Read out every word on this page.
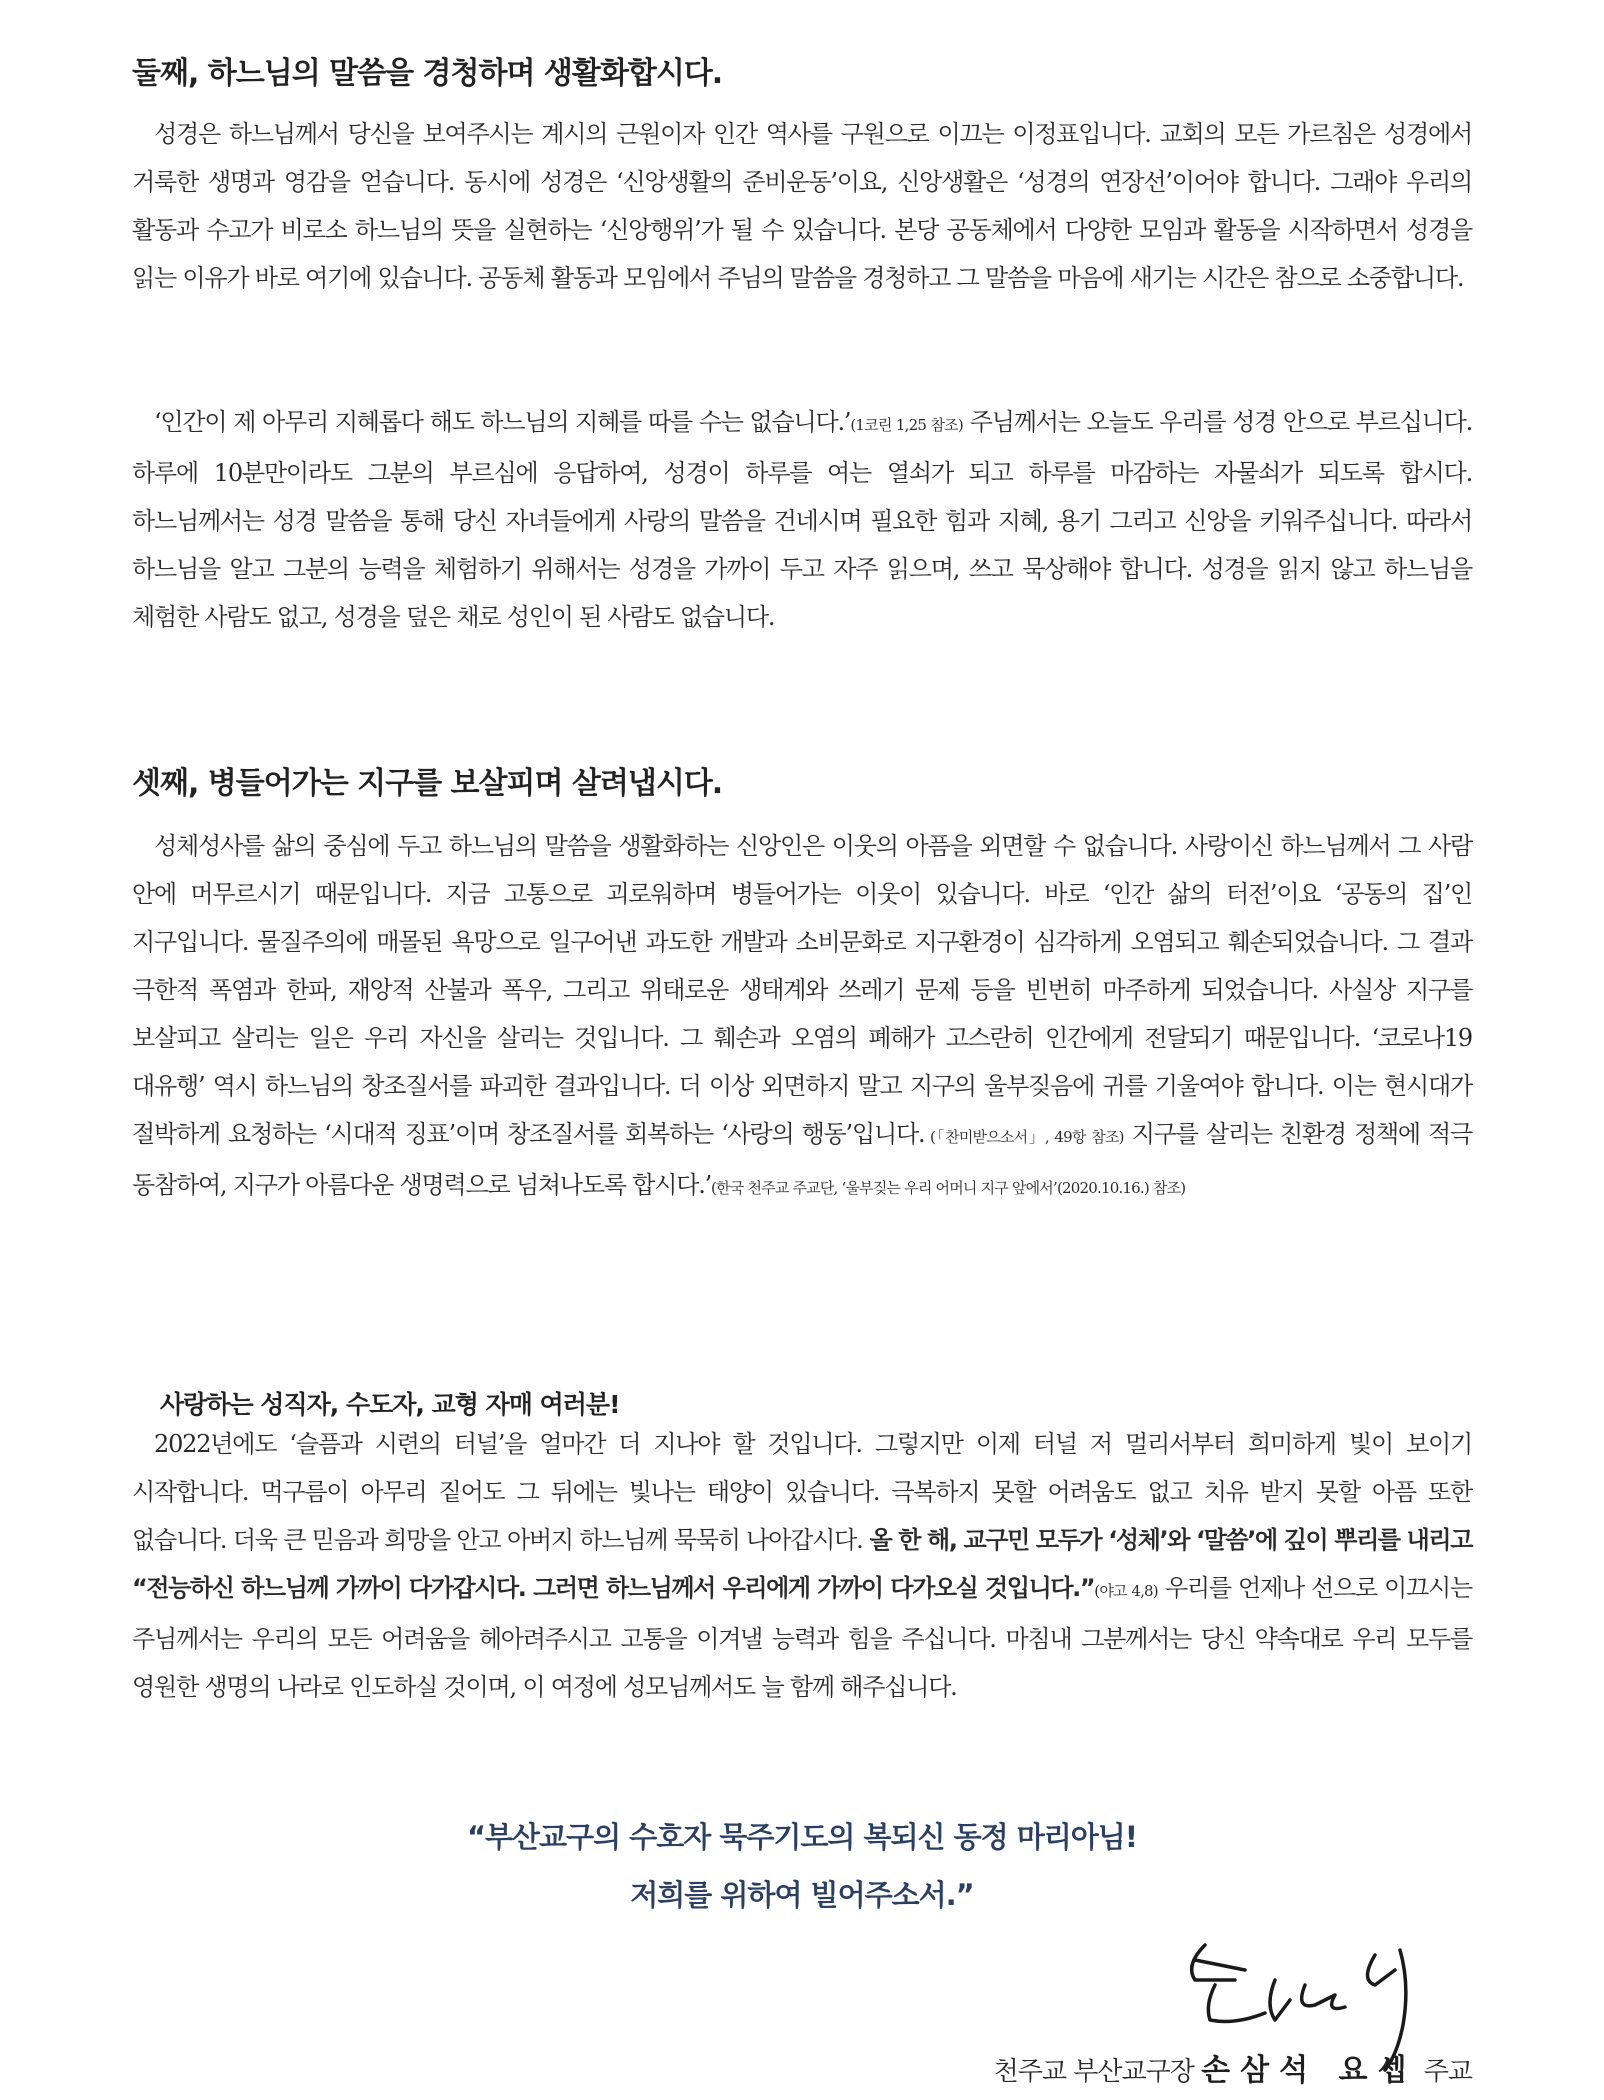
둘째, 하느님의 말씀을 경청하며 생활화합시다.
성경은 하느님께서 당신을 보여주시는 계시의 근원이자 인간 역사를 구원으로 이끄는 이정표입니다. 교회의 모든 가르침은 성경에서 거룩한 생명과 영감을 얻습니다. 동시에 성경은 ‘신앙생활의 준비운동’이요, 신앙생활은 ‘성경의 연장선’이어야 합니다. 그래야 우리의 활동과 수고가 비로소 하느님의 뜻을 실현하는 ‘신앙행위’가 될 수 있습니다. 본당 공동체에서 다양한 모임과 활동을 시작하면서 성경을 읽는 이유가 바로 여기에 있습니다. 공동체 활동과 모임에서 주님의 말씀을 경청하고 그 말씀을 마음에 새기는 시간은 참으로 소중합니다.
‘인간이 제 아무리 지혜롭다 해도 하느님의 지혜를 따를 수는 없습니다.’(1코린 1,25 참조) 주님께서는 오늘도 우리를 성경 안으로 부르십니다. 하루에 10분만이라도 그분의 부르심에 응답하여, 성경이 하루를 여는 열쇠가 되고 하루를 마감하는 자물쇠가 되도록 합시다. 하느님께서는 성경 말씀을 통해 당신 자녀들에게 사랑의 말씀을 건네시며 필요한 힘과 지혜, 용기 그리고 신앙을 키워주십니다. 따라서 하느님을 알고 그분의 능력을 체험하기 위해서는 성경을 가까이 두고 자주 읽으며, 쓰고 묵상해야 합니다. 성경을 읽지 않고 하느님을 체험한 사람도 없고, 성경을 덮은 채로 성인이 된 사람도 없습니다.
셋째, 병들어가는 지구를 보살피며 살려냅시다.
성체성사를 삶의 중심에 두고 하느님의 말씀을 생활화하는 신앙인은 이웃의 아픔을 외면할 수 없습니다. 사랑이신 하느님께서 그 사람 안에 머무르시기 때문입니다. 지금 고통으로 괴로워하며 병들어가는 이웃이 있습니다. 바로 ‘인간 삶의 터전’이요 ‘공동의 집’인 지구입니다. 물질주의에 매몰된 욕망으로 일구어낸 과도한 개발과 소비문화로 지구환경이 심각하게 오염되고 훼손되었습니다. 그 결과 극한적 폭염과 한파, 재앙적 산불과 폭우, 그리고 위태로운 생태계와 쓰레기 문제 등을 빈번히 마주하게 되었습니다. 사실상 지구를 보살피고 살리는 일은 우리 자신을 살리는 것입니다. 그 훼손과 오염의 폐해가 고스란히 인간에게 전달되기 때문입니다. ‘코로나19 대유행’ 역시 하느님의 창조질서를 파괴한 결과입니다. 더 이상 외면하지 말고 지구의 울부짖음에 귀를 기울여야 합니다. 이는 현시대가 절박하게 요청하는 ‘시대적 징표’이며 창조질서를 회복하는 ‘사랑의 행동’입니다. (「찬미받으소서」, 49항 참조) 지구를 살리는 친환경 정책에 적극 동참하여, 지구가 아름다운 생명력으로 넘쳐나도록 합시다.’(한국 천주교 주교단, ‘울부짖는 우리 어머니 지구 앞에서’(2020.10.16.) 참조)
사랑하는 성직자, 수도자, 교형 자매 여러분!
2022년에도 ‘슬픔과 시련의 터널’을 얼마간 더 지나야 할 것입니다. 그렇지만 이제 터널 저 멀리서부터 희미하게 빛이 보이기 시작합니다. 먹구름이 아무리 짙어도 그 뒤에는 빛나는 태양이 있습니다. 극복하지 못할 어려움도 없고 치유 받지 못할 아픔 또한 없습니다. 더욱 큰 믿음과 희망을 안고 아버지 하느님께 묵묵히 나아갑시다. 올 한 해, 교구민 모두가 ‘성체’와 ‘말씀’에 깊이 뿌리를 내리고 “전능하신 하느님께 가까이 다가갑시다. 그러면 하느님께서 우리에게 가까이 다가오실 것입니다.”(야고 4,8) 우리를 언제나 선으로 이끄시는 주님께서는 우리의 모든 어려움을 헤아려주시고 고통을 이겨낼 능력과 힘을 주십니다. 마침내 그분께서는 당신 약속대로 우리 모두를 영원한 생명의 나라로 인도하실 것이며, 이 여정에 성모님께서도 늘 함께 해주십니다.
“부산교구의 수호자 묵주기도의 복되신 동정 마리아님!
저희를 위하여 빌어주소서.”
천주교 부산교구장 손삼석 요셉 주교
